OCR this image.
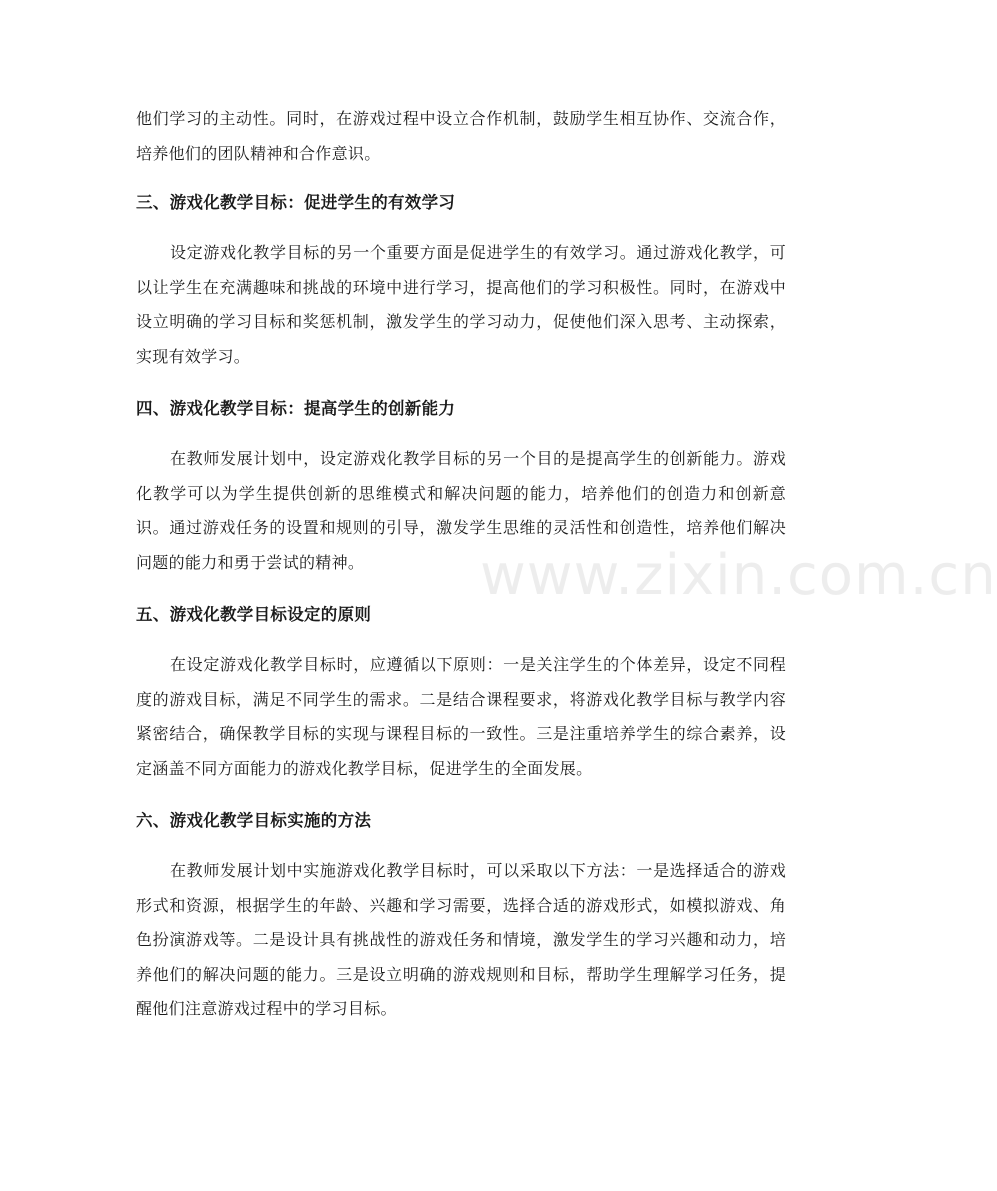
www.zixin.com.cn

他们学习的主动性。同时，在游戏过程中设立合作机制，鼓励学生相互协作、交流合作，培养他们的团队精神和合作意识。

三、游戏化教学目标：促进学生的有效学习

设定游戏化教学目标的另一个重要方面是促进学生的有效学习。通过游戏化教学，可以让学生在充满趣味和挑战的环境中进行学习，提高他们的学习积极性。同时，在游戏中设立明确的学习目标和奖惩机制，激发学生的学习动力，促使他们深入思考、主动探索，实现有效学习。

四、游戏化教学目标：提高学生的创新能力

在教师发展计划中，设定游戏化教学目标的另一个目的是提高学生的创新能力。游戏化教学可以为学生提供创新的思维模式和解决问题的能力，培养他们的创造力和创新意识。通过游戏任务的设置和规则的引导，激发学生思维的灵活性和创造性，培养他们解决问题的能力和勇于尝试的精神。

五、游戏化教学目标设定的原则

在设定游戏化教学目标时，应遵循以下原则：一是关注学生的个体差异，设定不同程度的游戏目标，满足不同学生的需求。二是结合课程要求，将游戏化教学目标与教学内容紧密结合，确保教学目标的实现与课程目标的一致性。三是注重培养学生的综合素养，设定涵盖不同方面能力的游戏化教学目标，促进学生的全面发展。

六、游戏化教学目标实施的方法

在教师发展计划中实施游戏化教学目标时，可以采取以下方法：一是选择适合的游戏形式和资源，根据学生的年龄、兴趣和学习需要，选择合适的游戏形式，如模拟游戏、角色扮演游戏等。二是设计具有挑战性的游戏任务和情境，激发学生的学习兴趣和动力，培养他们的解决问题的能力。三是设立明确的游戏规则和目标，帮助学生理解学习任务，提醒他们注意游戏过程中的学习目标。
